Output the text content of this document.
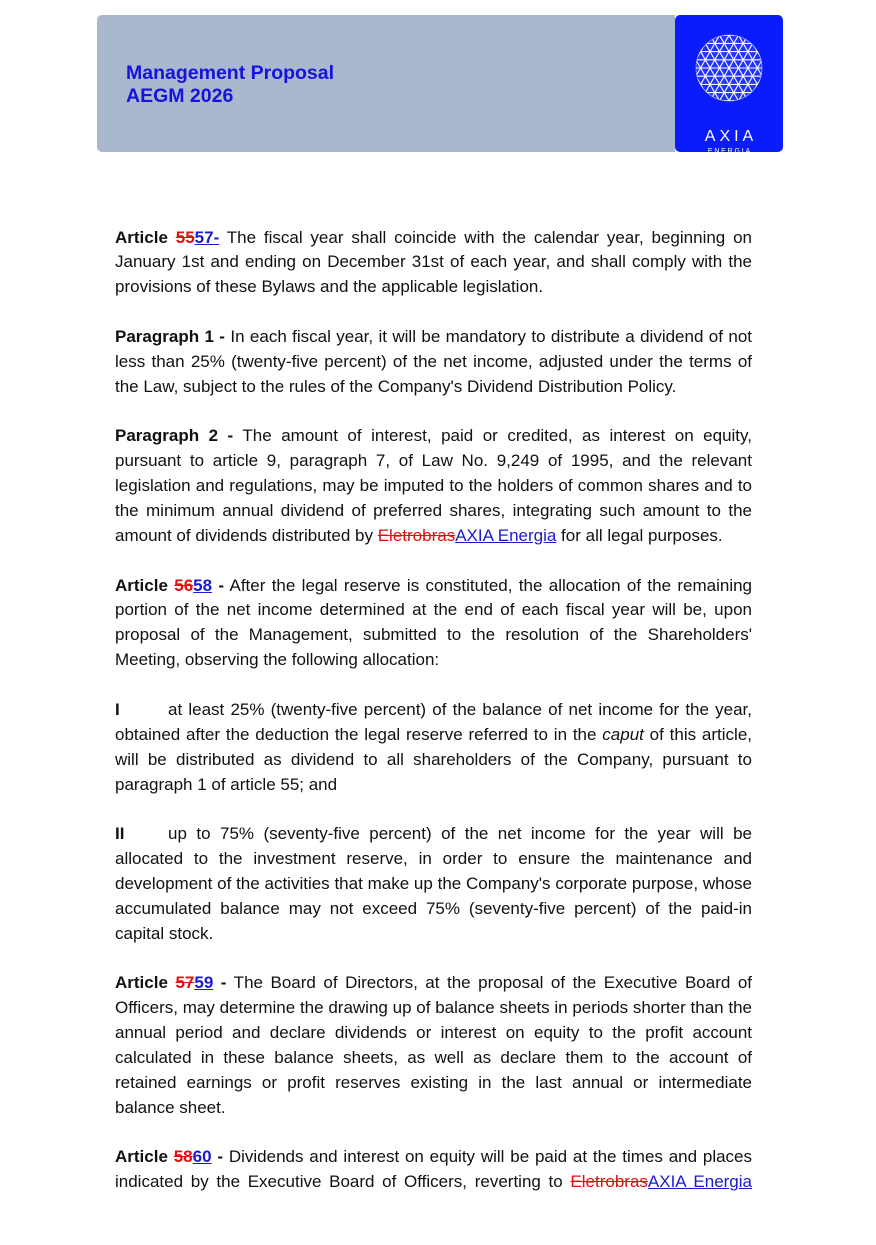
Management Proposal
AEGM 2026
AXIA
ENERGIA

Article 5557- The fiscal year shall coincide with the calendar year, beginning on January 1st and ending on December 31st of each year, and shall comply with the provisions of these Bylaws and the applicable legislation.

Paragraph 1 - In each fiscal year, it will be mandatory to distribute a dividend of not less than 25% (twenty-five percent) of the net income, adjusted under the terms of the Law, subject to the rules of the Company's Dividend Distribution Policy.

Paragraph 2 - The amount of interest, paid or credited, as interest on equity, pursuant to article 9, paragraph 7, of Law No. 9,249 of 1995, and the relevant legislation and regulations, may be imputed to the holders of common shares and to the minimum annual dividend of preferred shares, integrating such amount to the amount of dividends distributed by EletrobrasAXIA Energia for all legal purposes.

Article 5658 - After the legal reserve is constituted, the allocation of the remaining portion of the net income determined at the end of each fiscal year will be, upon proposal of the Management, submitted to the resolution of the Shareholders' Meeting, observing the following allocation:

I	at least 25% (twenty-five percent) of the balance of net income for the year, obtained after the deduction the legal reserve referred to in the caput of this article, will be distributed as dividend to all shareholders of the Company, pursuant to paragraph 1 of article 55; and

II	up to 75% (seventy-five percent) of the net income for the year will be allocated to the investment reserve, in order to ensure the maintenance and development of the activities that make up the Company's corporate purpose, whose accumulated balance may not exceed 75% (seventy-five percent) of the paid-in capital stock.

Article 5759 - The Board of Directors, at the proposal of the Executive Board of Officers, may determine the drawing up of balance sheets in periods shorter than the annual period and declare dividends or interest on equity to the profit account calculated in these balance sheets, as well as declare them to the account of retained earnings or profit reserves existing in the last annual or intermediate balance sheet.

Article 5860 - Dividends and interest on equity will be paid at the times and places indicated by the Executive Board of Officers, reverting to EletrobrasAXIA Energia
